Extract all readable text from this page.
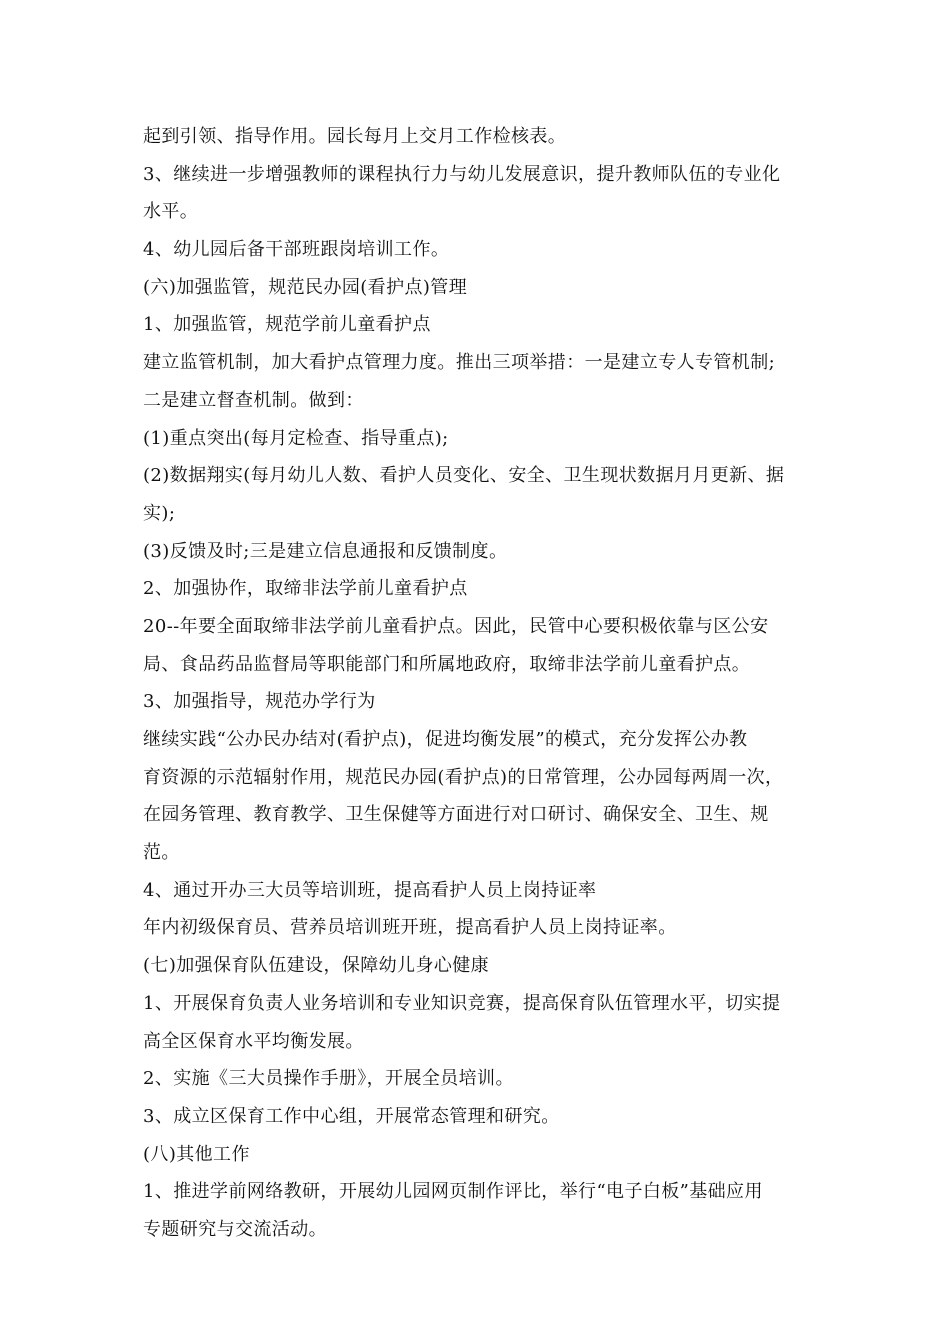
起到引领、指导作用。园长每月上交月工作检核表。
3、继续进一步增强教师的课程执行力与幼儿发展意识，提升教师队伍的专业化
水平。
4、幼儿园后备干部班跟岗培训工作。
(六)加强监管，规范民办园(看护点)管理
1、加强监管，规范学前儿童看护点
建立监管机制，加大看护点管理力度。推出三项举措：一是建立专人专管机制;
二是建立督查机制。做到：
(1)重点突出(每月定检查、指导重点);
(2)数据翔实(每月幼儿人数、看护人员变化、安全、卫生现状数据月月更新、据
实);
(3)反馈及时;三是建立信息通报和反馈制度。
2、加强协作，取缔非法学前儿童看护点
20--年要全面取缔非法学前儿童看护点。因此，民管中心要积极依靠与区公安
局、食品药品监督局等职能部门和所属地政府，取缔非法学前儿童看护点。
3、加强指导，规范办学行为
继续实践“公办民办结对(看护点)，促进均衡发展”的模式，充分发挥公办教
育资源的示范辐射作用，规范民办园(看护点)的日常管理，公办园每两周一次，
在园务管理、教育教学、卫生保健等方面进行对口研讨、确保安全、卫生、规
范。
4、通过开办三大员等培训班，提高看护人员上岗持证率
年内初级保育员、营养员培训班开班，提高看护人员上岗持证率。
(七)加强保育队伍建设，保障幼儿身心健康
1、开展保育负责人业务培训和专业知识竞赛，提高保育队伍管理水平，切实提
高全区保育水平均衡发展。
2、实施《三大员操作手册》，开展全员培训。
3、成立区保育工作中心组，开展常态管理和研究。
(八)其他工作
1、推进学前网络教研，开展幼儿园网页制作评比，举行“电子白板”基础应用
专题研究与交流活动。
